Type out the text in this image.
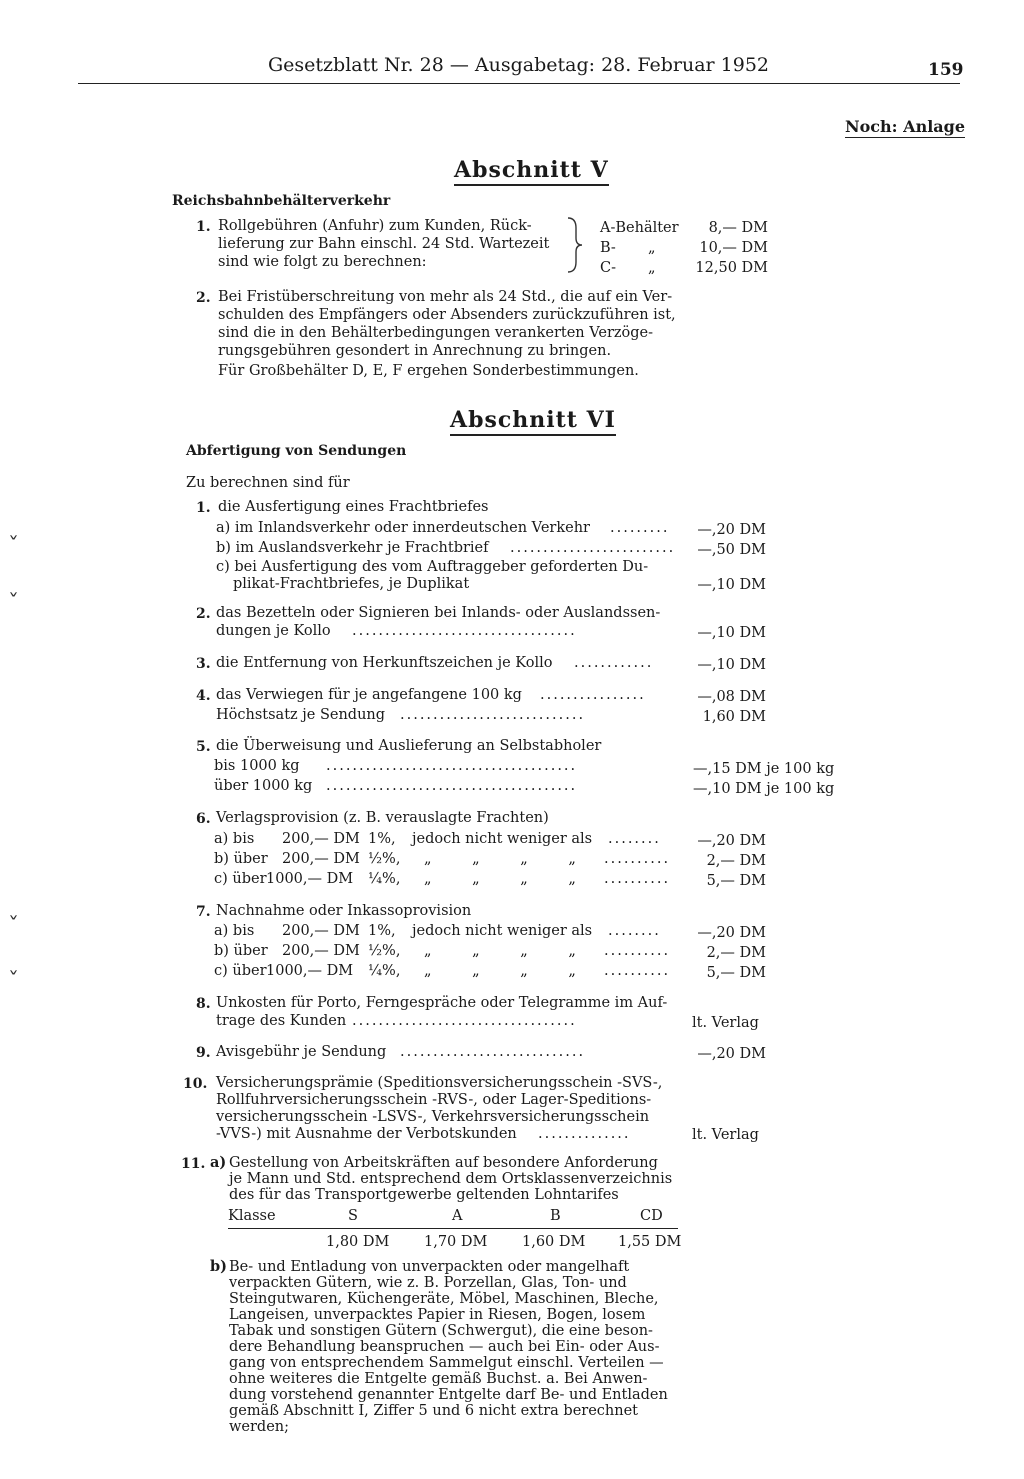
Gesetzblatt Nr. 28 — Ausgabetag: 28. Februar 1952	159
Noch: Anlage
˯
˯
˯
˯
Abschnitt V
Reichsbahnbehälterverkehr
1. Rollgebühren (Anfuhr) zum Kunden, Rück-
lieferung zur Bahn einschl. 24 Std. Wartezeit
sind wie folgt zu berechnen:
A-Behälter	8,— DM
B- „	10,— DM
C- „	12,50 DM
2. Bei Fristüberschreitung von mehr als 24 Std., die auf ein Ver-
schulden des Empfängers oder Absenders zurückzuführen ist,
sind die in den Behälterbedingungen verankerten Verzöge-
rungsgebühren gesondert in Anrechnung zu bringen.
Für Großbehälter D, E, F ergehen Sonderbestimmungen.
Abschnitt VI
Abfertigung von Sendungen
Zu berechnen sind für
1. die Ausfertigung eines Frachtbriefes
a) im Inlandsverkehr oder innerdeutschen Verkehr .........	—,20 DM
b) im Auslandsverkehr je Frachtbrief .........................	—,50 DM
c) bei Ausfertigung des vom Auftraggeber geforderten Du-
plikat-Frachtbriefes, je Duplikat	—,10 DM
2. das Bezetteln oder Signieren bei Inlands- oder Auslandssen-
dungen je Kollo ..................................	—,10 DM
3. die Entfernung von Herkunftszeichen je Kollo ............	—,10 DM
4. das Verwiegen für je angefangene 100 kg ................	—,08 DM
Höchstsatz je Sendung ............................	1,60 DM
5. die Überweisung und Auslieferung an Selbstabholer
bis 1000 kg ......................................	—,15 DM je 100 kg
über 1000 kg ......................................	—,10 DM je 100 kg
6. Verlagsprovision (z. B. verauslagte Frachten)
a) bis 200,— DM 1%, jedoch nicht weniger als ........	—,20 DM
b) über 200,— DM ½%, „ „ „ „ ..........	2,— DM
c) über 1000,— DM ¼%, „ „ „ „ ..........	5,— DM
7. Nachnahme oder Inkassoprovision
a) bis 200,— DM 1%, jedoch nicht weniger als ........	—,20 DM
b) über 200,— DM ½%, „ „ „ „ ..........	2,— DM
c) über 1000,— DM ¼%, „ „ „ „ ..........	5,— DM
8. Unkosten für Porto, Ferngespräche oder Telegramme im Auf-
trage des Kunden ..................................	lt. Verlag
9. Avisgebühr je Sendung ............................	—,20 DM
10. Versicherungsprämie (Speditionsversicherungsschein -SVS-,
Rollfuhrversicherungsschein -RVS-, oder Lager-Speditions-
versicherungsschein -LSVS-, Verkehrsversicherungsschein
-VVS-) mit Ausnahme der Verbotskunden ..............	lt. Verlag
11. a) Gestellung von Arbeitskräften auf besondere Anforderung
je Mann und Std. entsprechend dem Ortsklassenverzeichnis
des für das Transportgewerbe geltenden Lohntarifes
Klasse	S	A	B	CD
1,80 DM 1,70 DM 1,60 DM 1,55 DM
b) Be- und Entladung von unverpackten oder mangelhaft
verpackten Gütern, wie z. B. Porzellan, Glas, Ton- und
Steingutwaren, Küchengeräte, Möbel, Maschinen, Bleche,
Langeisen, unverpacktes Papier in Riesen, Bogen, losem
Tabak und sonstigen Gütern (Schwergut), die eine beson-
dere Behandlung beanspruchen — auch bei Ein- oder Aus-
gang von entsprechendem Sammelgut einschl. Verteilen —
ohne weiteres die Entgelte gemäß Buchst. a. Bei Anwen-
dung vorstehend genannter Entgelte darf Be- und Entladen
gemäß Abschnitt I, Ziffer 5 und 6 nicht extra berechnet
werden;
